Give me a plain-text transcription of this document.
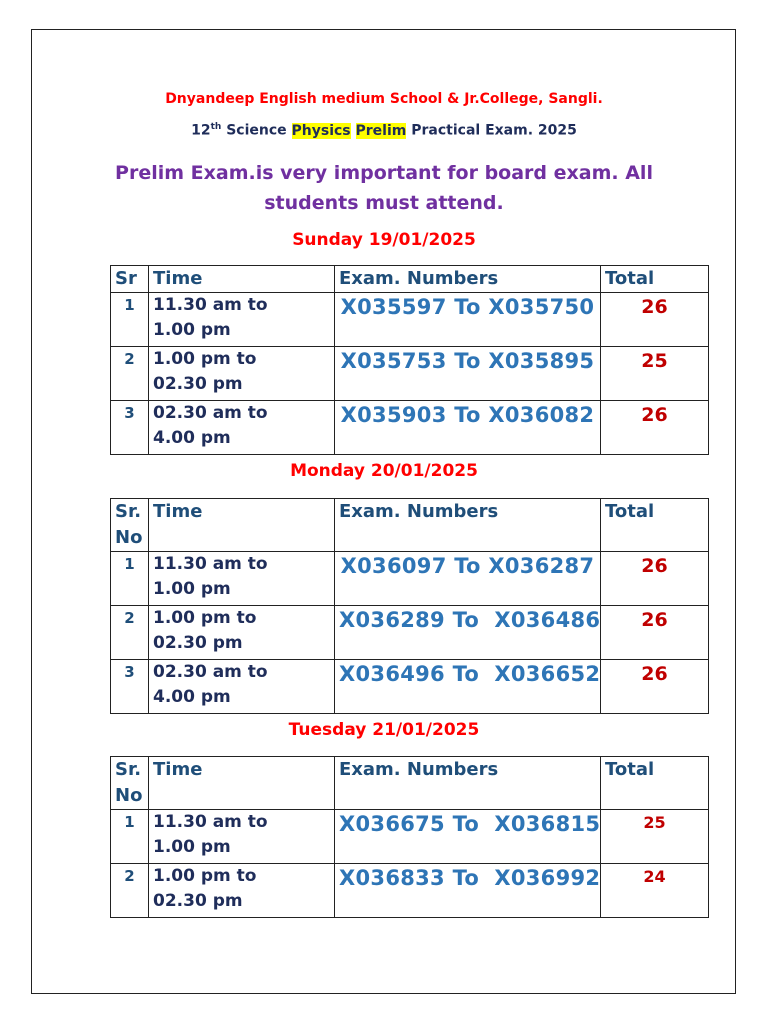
Dnyandeep English medium School & Jr.College, Sangli.
12th Science Physics Prelim Practical Exam. 2025
Prelim Exam.is very important for board exam. All students must attend.
Sunday 19/01/2025
Sr	Time	Exam. Numbers	Total
1	11.30 am to
1.00 pm	X035597 To X035750	26
2	1.00 pm to
02.30 pm	X035753 To X035895	25
3	02.30 am to
4.00 pm	X035903 To X036082	26
Monday 20/01/2025
Sr.
No	Time	Exam. Numbers	Total
1	11.30 am to
1.00 pm	X036097 To X036287	26
2	1.00 pm to
02.30 pm	X036289 To  X036486	26
3	02.30 am to
4.00 pm	X036496 To  X036652	26
Tuesday 21/01/2025
Sr.
No	Time	Exam. Numbers	Total
1	11.30 am to
1.00 pm	X036675 To  X036815	25
2	1.00 pm to
02.30 pm	X036833 To  X036992	24
